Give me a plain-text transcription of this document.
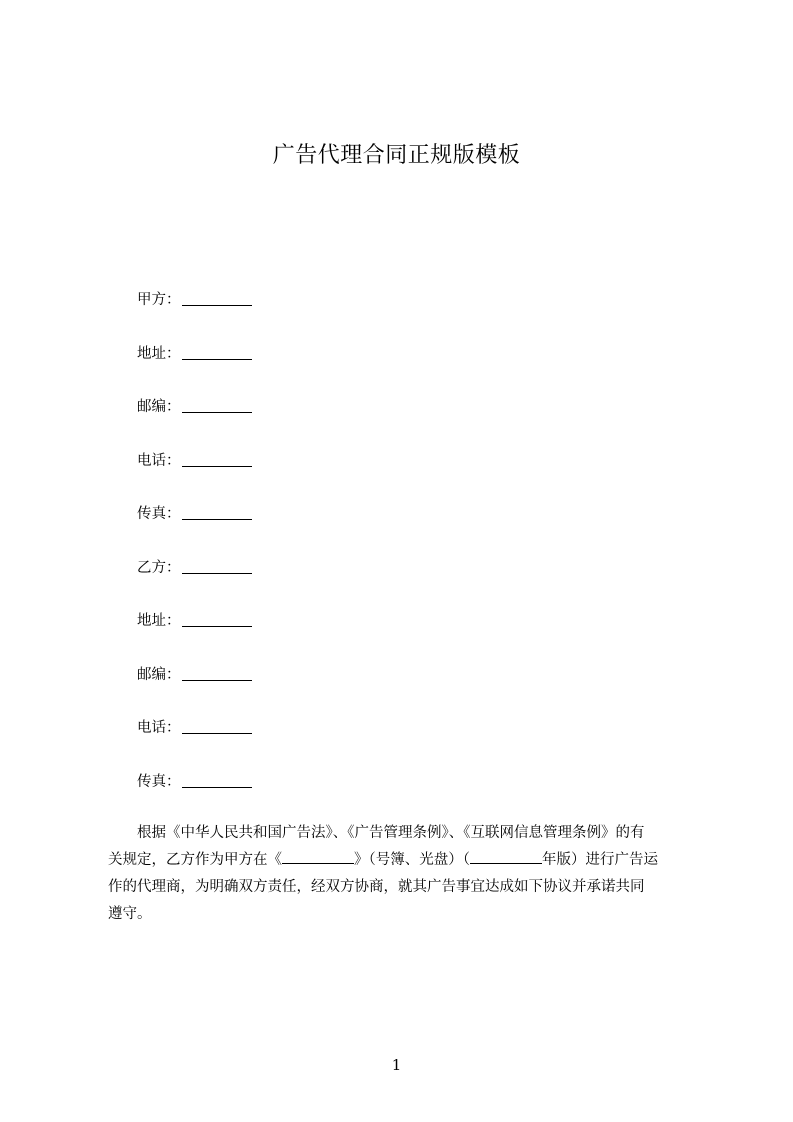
广告代理合同正规版模板
甲方：
地址：
邮编：
电话：
传真：
乙方：
地址：
邮编：
电话：
传真：
根据《中华人民共和国广告法》、《广告管理条例》、《互联网信息管理条例》的有
关规定，乙方作为甲方在《	》（号簿、光盘）（	年版）进行广告运
作的代理商，为明确双方责任，经双方协商，就其广告事宜达成如下协议并承诺共同
遵守。
1
